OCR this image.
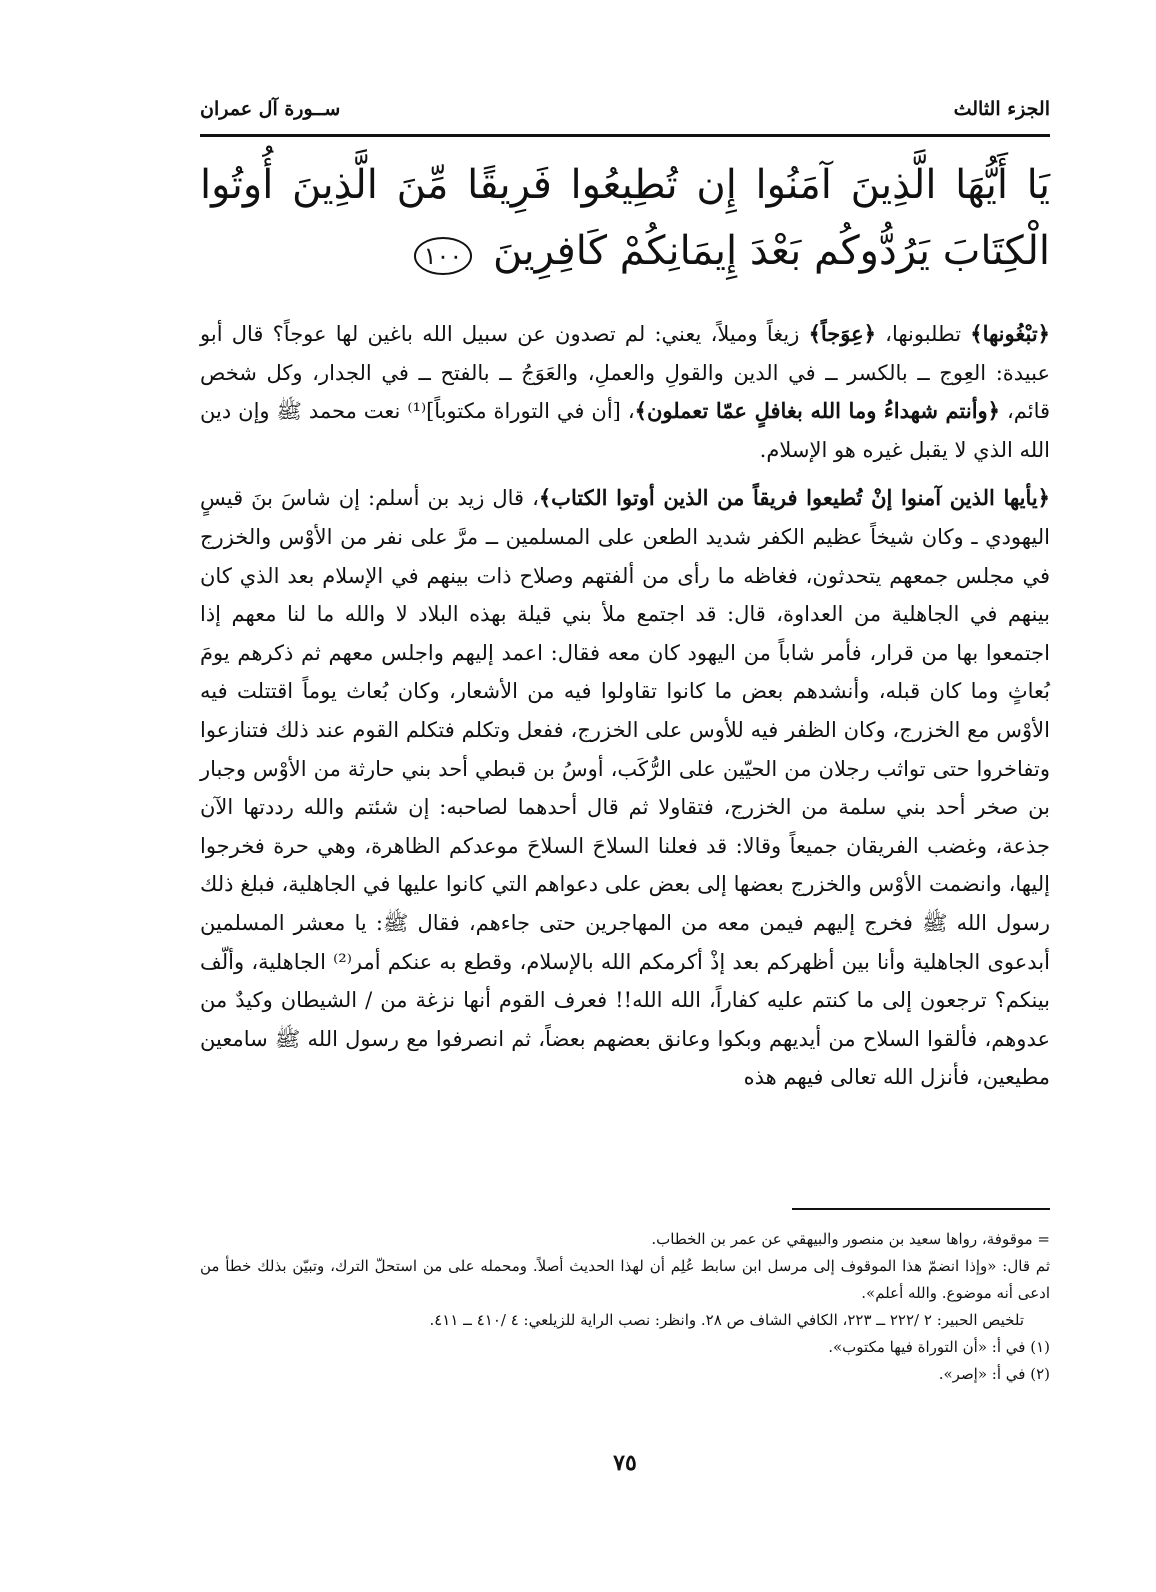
الجزء الثالث
ســورة آل عمران
يَا أَيُّهَا الَّذِينَ آمَنُوا إِن تُطِيعُوا فَرِيقًا مِّنَ الَّذِينَ أُوتُوا الْكِتَابَ يَرُدُّوكُم بَعْدَ إِيمَانِكُمْ كَافِرِينَ ١٠٠

﴿تبْغُونها﴾ تطلبونها، ﴿عِوَجاً﴾ زيغاً وميلاً، يعني: لم تصدون عن سبيل الله باغين لها عوجاً؟ قال أبو عبيدة: العِوج ــ بالكسر ــ في الدين والقولِ والعملِ، والعَوَجُ ــ بالفتح ــ في الجدار، وكل شخص قائم، ﴿وأنتم شهداءُ وما الله بغافلٍ عمّا تعملون﴾، [أن في التوراة مكتوباً]⁽¹⁾ نعت محمد ﷺ وإن دين الله الذي لا يقبل غيره هو الإسلام.

﴿يأيها الذين آمنوا إنْ تُطيعوا فريقاً من الذين أوتوا الكتاب﴾، قال زيد بن أسلم: إن شاسَ بنَ قيسٍ اليهودي ـ وكان شيخاً عظيم الكفر شديد الطعن على المسلمين ــ مرَّ على نفر من الأوْس والخزرج في مجلس جمعهم يتحدثون، فغاظه ما رأى من ألفتهم وصلاح ذات بينهم في الإسلام بعد الذي كان بينهم في الجاهلية من العداوة، قال: قد اجتمع ملأ بني قيلة بهذه البلاد لا والله ما لنا معهم إذا اجتمعوا بها من قرار، فأمر شاباً من اليهود كان معه فقال: اعمد إليهم واجلس معهم ثم ذكرهم يومَ بُعاثٍ وما كان قبله، وأنشدهم بعض ما كانوا تقاولوا فيه من الأشعار، وكان بُعاث يوماً اقتتلت فيه الأوْس مع الخزرج، وكان الظفر فيه للأوس على الخزرج، ففعل وتكلم فتكلم القوم عند ذلك فتنازعوا وتفاخروا حتى تواثب رجلان من الحيّين على الرُّكَب، أوسُ بن قبطي أحد بني حارثة من الأوْس وجبار بن صخر أحد بني سلمة من الخزرج، فتقاولا ثم قال أحدهما لصاحبه: إن شئتم والله رددتها الآن جذعة، وغضب الفريقان جميعاً وقالا: قد فعلنا السلاحَ السلاحَ موعدكم الظاهرة، وهي حرة فخرجوا إليها، وانضمت الأوْس والخزرج بعضها إلى بعض على دعواهم التي كانوا عليها في الجاهلية، فبلغ ذلك رسول الله ﷺ فخرج إليهم فيمن معه من المهاجرين حتى جاءهم، فقال ﷺ: يا معشر المسلمين أبدعوى الجاهلية وأنا بين أظهركم بعد إذْ أكرمكم الله بالإسلام، وقطع به عنكم أمر⁽²⁾ الجاهلية، وألّف بينكم؟ ترجعون إلى ما كنتم عليه كفاراً، الله الله!! فعرف القوم أنها نزغة من / الشيطان وكيدٌ من عدوهم، فألقوا السلاح من أيديهم وبكوا وعانق بعضهم بعضاً، ثم انصرفوا مع رسول الله ﷺ سامعين مطيعين، فأنزل الله تعالى فيهم هذه

= موقوفة، رواها سعيد بن منصور والبيهقي عن عمر بن الخطاب.

ثم قال: «وإذا انضمّ هذا الموقوف إلى مرسل ابن سابط عُلِم أن لهذا الحديث أصلاً. ومحمله على من استحلّ الترك، وتبيّن بذلك خطأ من ادعى أنه موضوع. والله أعلم».

تلخيص الحبير: ٢ /٢٢٢ ــ ٢٢٣، الكافي الشاف ص ٢٨. وانظر: نصب الراية للزيلعي: ٤ /٤١٠ ــ ٤١١.

(١) في أ: «أن التوراة فيها مكتوب».

(٢) في أ: «إصر».

٧٥
